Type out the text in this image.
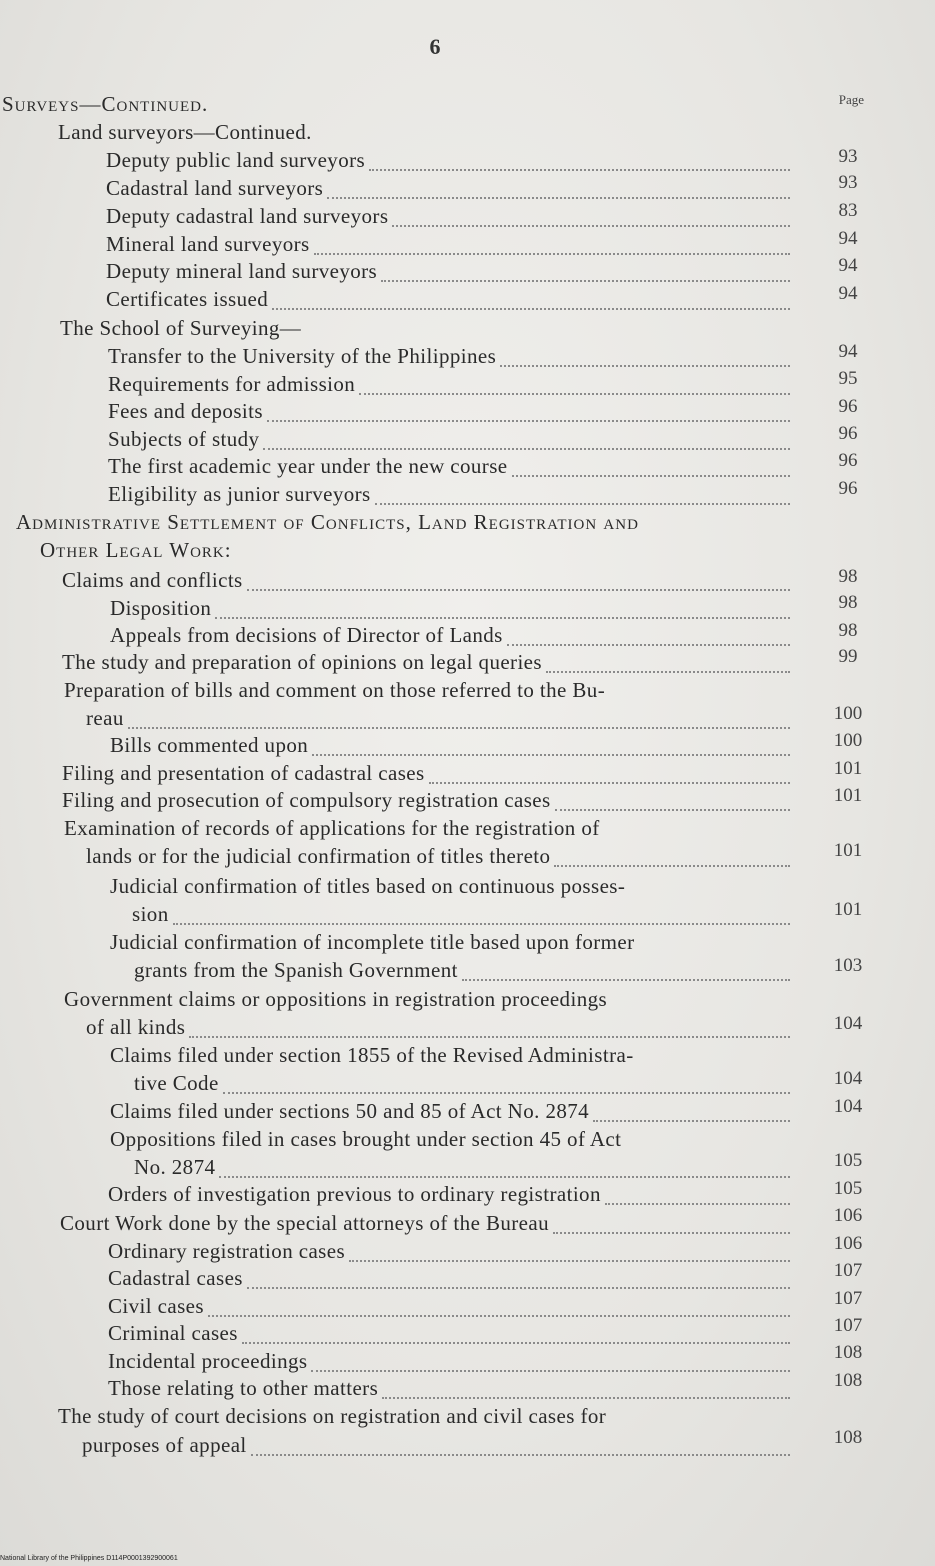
6
Page
Surveys—Continued.
Land surveyors—Continued.
Deputy public land surveyors	93
Cadastral land surveyors	93
Deputy cadastral land surveyors	83
Mineral land surveyors	94
Deputy mineral land surveyors	94
Certificates issued	94
The School of Surveying—
Transfer to the University of the Philippines	94
Requirements for admission	95
Fees and deposits	96
Subjects of study	96
The first academic year under the new course	96
Eligibility as junior surveyors	96
Administrative Settlement of Conflicts, Land Registration and
Other Legal Work:
Claims and conflicts	98
Disposition	98
Appeals from decisions of Director of Lands	98
The study and preparation of opinions on legal queries	99
Preparation of bills and comment on those referred to the Bu-
reau	100
Bills commented upon	100
Filing and presentation of cadastral cases	101
Filing and prosecution of compulsory registration cases	101
Examination of records of applications for the registration of
lands or for the judicial confirmation of titles thereto	101
Judicial confirmation of titles based on continuous posses-
sion	101
Judicial confirmation of incomplete title based upon former
grants from the Spanish Government	103
Government claims or oppositions in registration proceedings
of all kinds	104
Claims filed under section 1855 of the Revised Administra-
tive Code	104
Claims filed under sections 50 and 85 of Act No. 2874	104
Oppositions filed in cases brought under section 45 of Act
No. 2874	105
Orders of investigation previous to ordinary registration	105
Court Work done by the special attorneys of the Bureau	106
Ordinary registration cases	106
Cadastral cases	107
Civil cases	107
Criminal cases	107
Incidental proceedings	108
Those relating to other matters	108
The study of court decisions on registration and civil cases for
purposes of appeal	108
National Library of the Philippines D114P0001392900061
